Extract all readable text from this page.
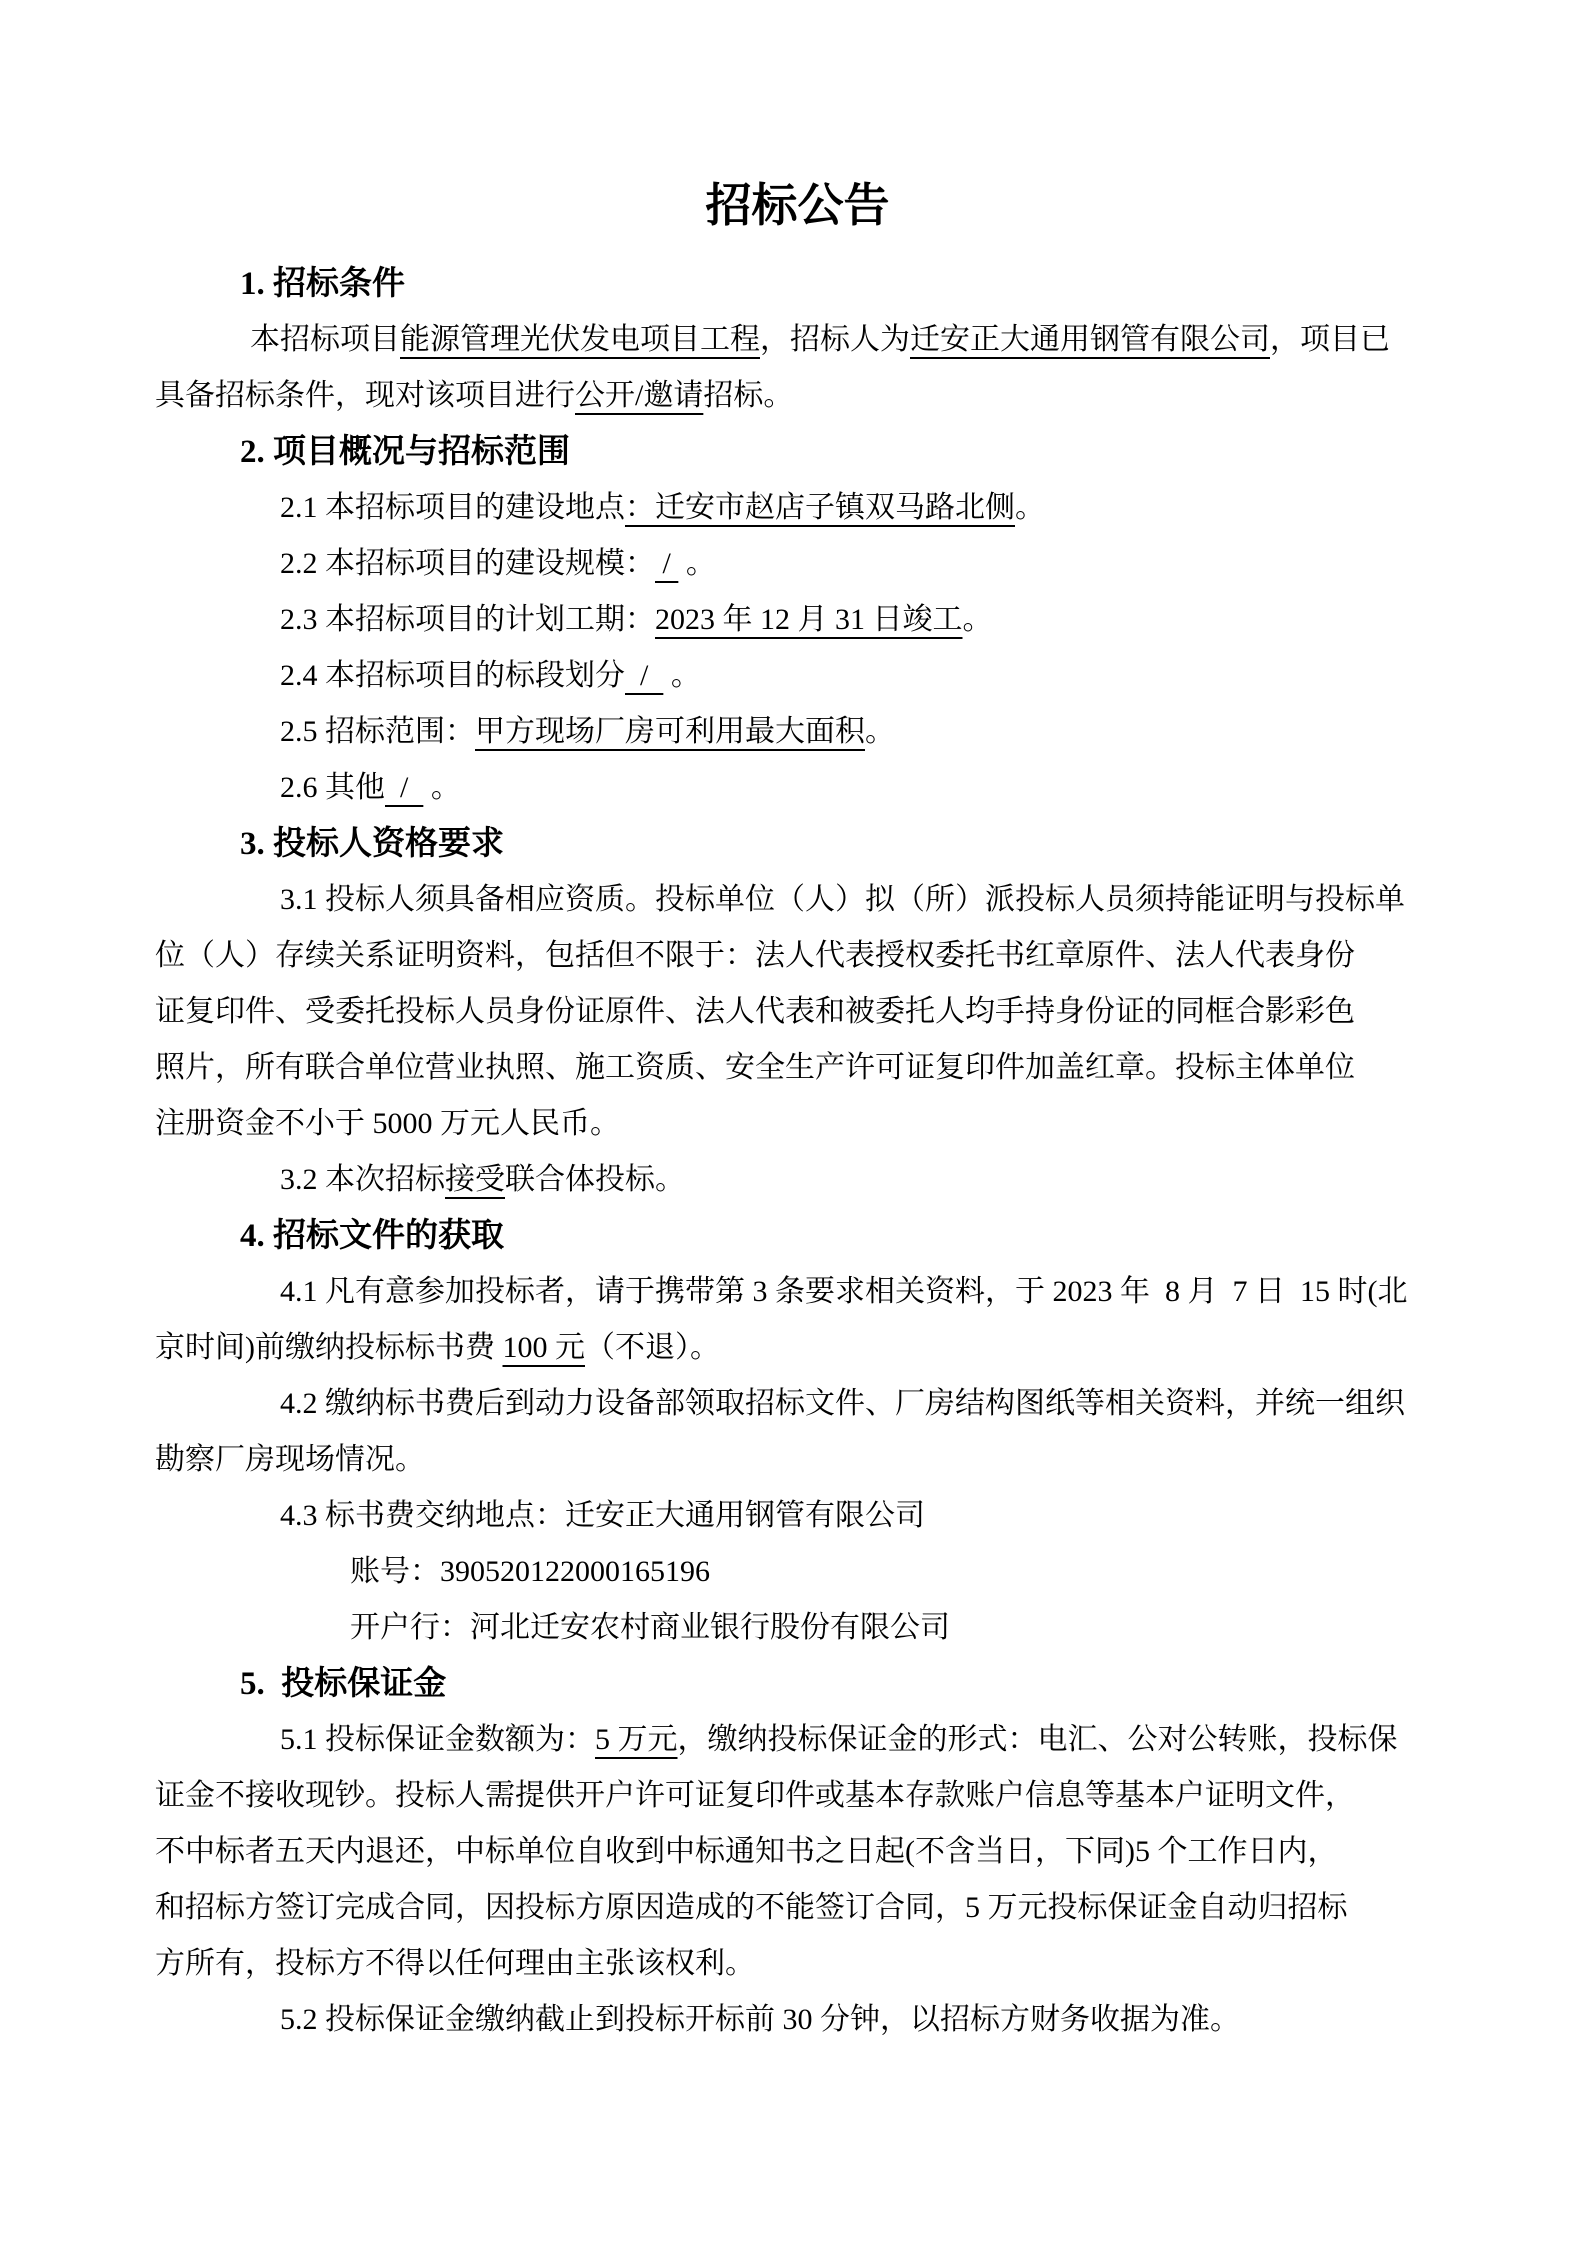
招标公告
1. 招标条件
本招标项目能源管理光伏发电项目工程，招标人为迁安正大通用钢管有限公司，项目已
具备招标条件，现对该项目进行公开/邀请招标。
2. 项目概况与招标范围
2.1 本招标项目的建设地点：迁安市赵店子镇双马路北侧。
2.2 本招标项目的建设规模： /  。
2.3 本招标项目的计划工期：2023 年 12 月 31 日竣工。
2.4 本招标项目的标段划分  /   。
2.5 招标范围：甲方现场厂房可利用最大面积。
2.6 其他  /   。
3. 投标人资格要求
3.1 投标人须具备相应资质。投标单位（人）拟（所）派投标人员须持能证明与投标单
位（人）存续关系证明资料，包括但不限于：法人代表授权委托书红章原件、法人代表身份
证复印件、受委托投标人员身份证原件、法人代表和被委托人均手持身份证的同框合影彩色
照片，所有联合单位营业执照、施工资质、安全生产许可证复印件加盖红章。投标主体单位
注册资金不小于 5000 万元人民币。
3.2 本次招标接受联合体投标。
4. 招标文件的获取
4.1 凡有意参加投标者，请于携带第 3 条要求相关资料，于 2023 年  8 月  7 日  15 时(北
京时间)前缴纳投标标书费 100 元（不退）。
4.2 缴纳标书费后到动力设备部领取招标文件、厂房结构图纸等相关资料，并统一组织
勘察厂房现场情况。
4.3 标书费交纳地点：迁安正大通用钢管有限公司
账号：390520122000165196
开户行：河北迁安农村商业银行股份有限公司
5.  投标保证金
5.1 投标保证金数额为：5 万元，缴纳投标保证金的形式：电汇、公对公转账，投标保
证金不接收现钞。投标人需提供开户许可证复印件或基本存款账户信息等基本户证明文件，
不中标者五天内退还，中标单位自收到中标通知书之日起(不含当日，下同)5 个工作日内，
和招标方签订完成合同，因投标方原因造成的不能签订合同，5 万元投标保证金自动归招标
方所有，投标方不得以任何理由主张该权利。
5.2 投标保证金缴纳截止到投标开标前 30 分钟，以招标方财务收据为准。
